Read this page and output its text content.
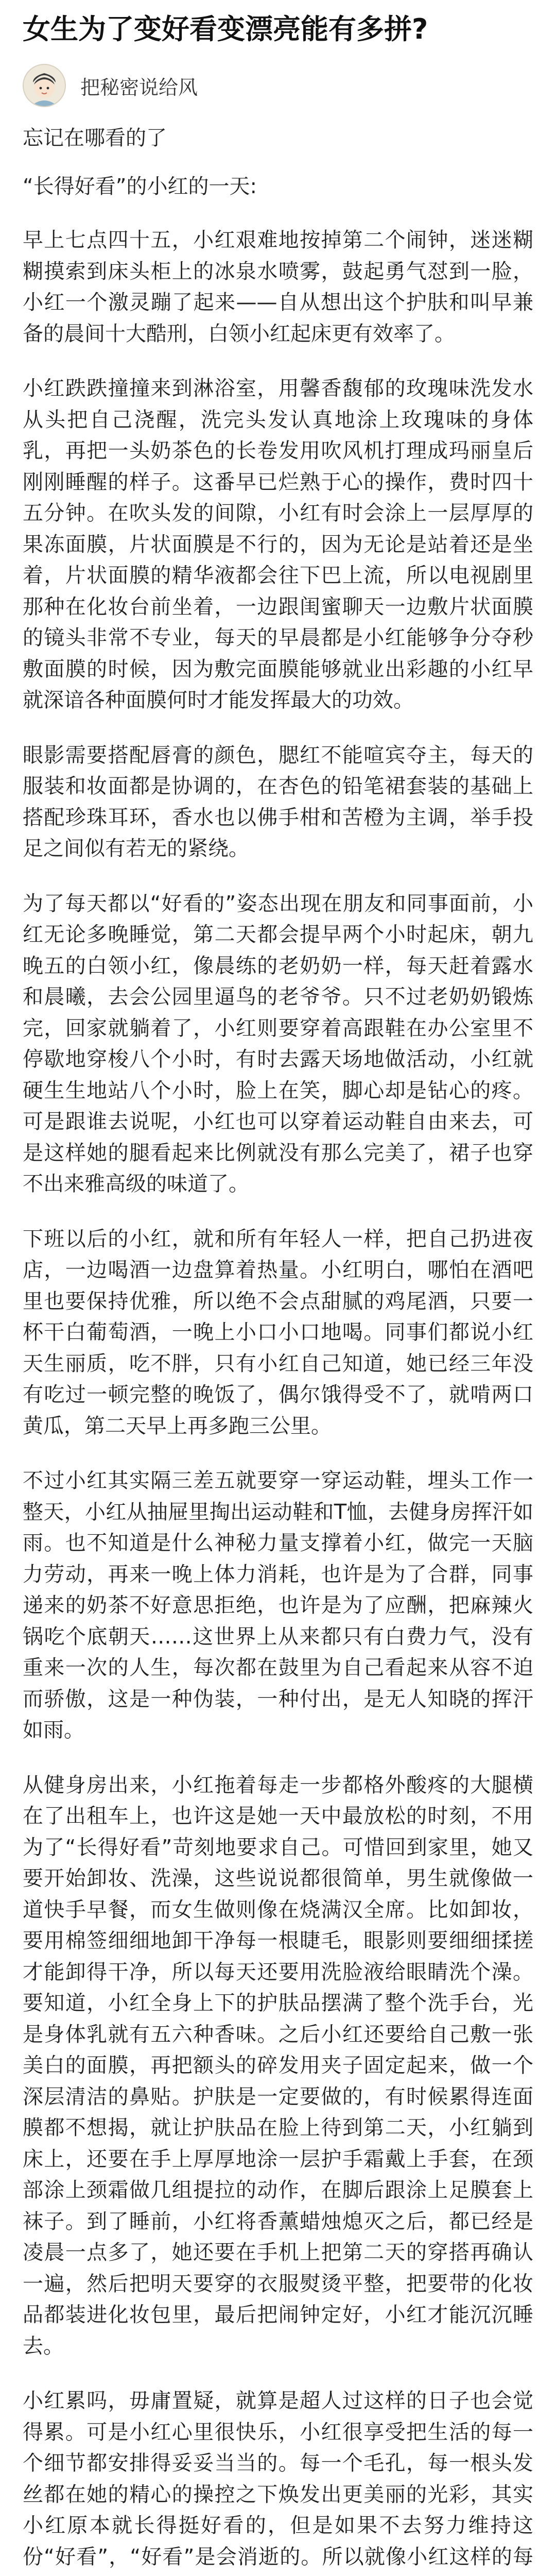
女生为了变好看变漂亮能有多拼?
把秘密说给风

忘记在哪看的了

“长得好看”的小红的一天:

早上七点四十五，小红艰难地按掉第二个闹钟，迷迷糊糊摸索到床头柜上的冰泉水喷雾，鼓起勇气怼到一脸，小红一个激灵蹦了起来——自从想出这个护肤和叫早兼备的晨间十大酷刑，白领小红起床更有效率了。

小红跌跌撞撞来到淋浴室，用馨香馥郁的玫瑰味洗发水从头把自己浇醒，洗完头发认真地涂上玫瑰味的身体乳，再把一头奶茶色的长卷发用吹风机打理成玛丽皇后刚刚睡醒的样子。这番早已烂熟于心的操作，费时四十五分钟。在吹头发的间隙，小红有时会涂上一层厚厚的果冻面膜，片状面膜是不行的，因为无论是站着还是坐着，片状面膜的精华液都会往下巴上流，所以电视剧里那种在化妆台前坐着，一边跟闺蜜聊天一边敷片状面膜的镜头非常不专业，每天的早晨都是小红能够争分夺秒敷面膜的时候，因为敷完面膜能够就业出彩趣的小红早就深谙各种面膜何时才能发挥最大的功效。

眼影需要搭配唇膏的颜色，腮红不能喧宾夺主，每天的服装和妆面都是协调的，在杏色的铅笔裙套装的基础上搭配珍珠耳环，香水也以佛手柑和苦橙为主调，举手投足之间似有若无的紧绕。

为了每天都以“好看的”姿态出现在朋友和同事面前，小红无论多晚睡觉，第二天都会提早两个小时起床，朝九晚五的白领小红，像晨练的老奶奶一样，每天赶着露水和晨曦，去会公园里逼鸟的老爷爷。只不过老奶奶锻炼完，回家就躺着了，小红则要穿着高跟鞋在办公室里不停歇地穿梭八个小时，有时去露天场地做活动，小红就硬生生地站八个小时，脸上在笑，脚心却是钻心的疼。可是跟谁去说呢，小红也可以穿着运动鞋自由来去，可是这样她的腿看起来比例就没有那么完美了，裙子也穿不出来雅高级的味道了。

下班以后的小红，就和所有年轻人一样，把自己扔进夜店，一边喝酒一边盘算着热量。小红明白，哪怕在酒吧里也要保持优雅，所以绝不会点甜腻的鸡尾酒，只要一杯干白葡萄酒，一晚上小口小口地喝。同事们都说小红天生丽质，吃不胖，只有小红自己知道，她已经三年没有吃过一顿完整的晚饭了，偶尔饿得受不了，就啃两口黄瓜，第二天早上再多跑三公里。

不过小红其实隔三差五就要穿一穿运动鞋，埋头工作一整天，小红从抽屉里掏出运动鞋和T恤，去健身房挥汗如雨。也不知道是什么神秘力量支撑着小红，做完一天脑力劳动，再来一晚上体力消耗，也许是为了合群，同事递来的奶茶不好意思拒绝，也许是为了应酬，把麻辣火锅吃个底朝天……这世界上从来都只有白费力气，没有重来一次的人生，每次都在鼓里为自己看起来从容不迫而骄傲，这是一种伪装，一种付出，是无人知晓的挥汗如雨。

从健身房出来，小红拖着每走一步都格外酸疼的大腿横在了出租车上，也许这是她一天中最放松的时刻，不用为了“长得好看”苛刻地要求自己。可惜回到家里，她又要开始卸妆、洗澡，这些说说都很简单，男生就像做一道快手早餐，而女生做则像在烧满汉全席。比如卸妆，要用棉签细细地卸干净每一根睫毛，眼影则要细细揉搓才能卸得干净，所以每天还要用洗脸液给眼睛洗个澡。要知道，小红全身上下的护肤品摆满了整个洗手台，光是身体乳就有五六种香味。之后小红还要给自己敷一张美白的面膜，再把额头的碎发用夹子固定起来，做一个深层清洁的鼻贴。护肤是一定要做的，有时候累得连面膜都不想揭，就让护肤品在脸上待到第二天，小红躺到床上，还要在手上厚厚地涂一层护手霜戴上手套，在颈部涂上颈霜做几组提拉的动作，在脚后跟涂上足膜套上袜子。到了睡前，小红将香薰蜡烛熄灭之后，都已经是凌晨一点多了，她还要在手机上把第二天的穿搭再确认一遍，然后把明天要穿的衣服熨烫平整，把要带的化妆品都装进化妆包里，最后把闹钟定好，小红才能沉沉睡去。

小红累吗，毋庸置疑，就算是超人过这样的日子也会觉得累。可是小红心里很快乐，小红很享受把生活的每一个细节都安排得妥妥当当的。每一个毛孔，每一根头发丝都在她的精心的操控之下焕发出更美丽的光彩，其实小红原本就长得挺好看的，但是如果不去努力维持这份“好看”，“好看”是会消逝的。所以就像小红这样的每
